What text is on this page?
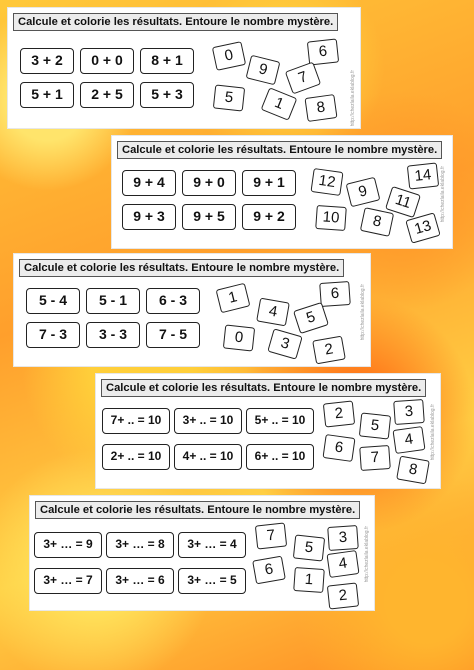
Calcule et colorie les résultats. Entoure le nombre mystère.
3 + 2	0 + 0	8 + 1
5 + 1	2 + 5	5 + 3
0	6
9	7
5	1	8	http://chezlaila.eklablog.fr
Calcule et colorie les résultats. Entoure le nombre mystère.
9 + 4	9 + 0	9 + 1
9 + 3	9 + 5	9 + 2
12	14
9	11
10	8	13
http://chezlaila.eklablog.fr
Calcule et colorie les résultats. Entoure le nombre mystère.
5 - 4	5 - 1	6 - 3
7 - 3	3 - 3	7 - 5
1	6
4	5
0	3	2
http://chezlaila.eklablog.fr
Calcule et colorie les résultats. Entoure le nombre mystère.
7+ .. = 10	3+ .. = 10	5+ .. = 10
2+ .. = 10	4+ .. = 10	6+ .. = 10
2	3
5
4
6
7
8
http://chezlaila.eklablog.fr
Calcule et colorie les résultats. Entoure le nombre mystère.
3+ … = 9	3+ … = 8	3+ … = 4
3+ … = 7	3+ … = 6	3+ … = 5
7	3
5
4
6
1
2
http://chezlaila.eklablog.fr
